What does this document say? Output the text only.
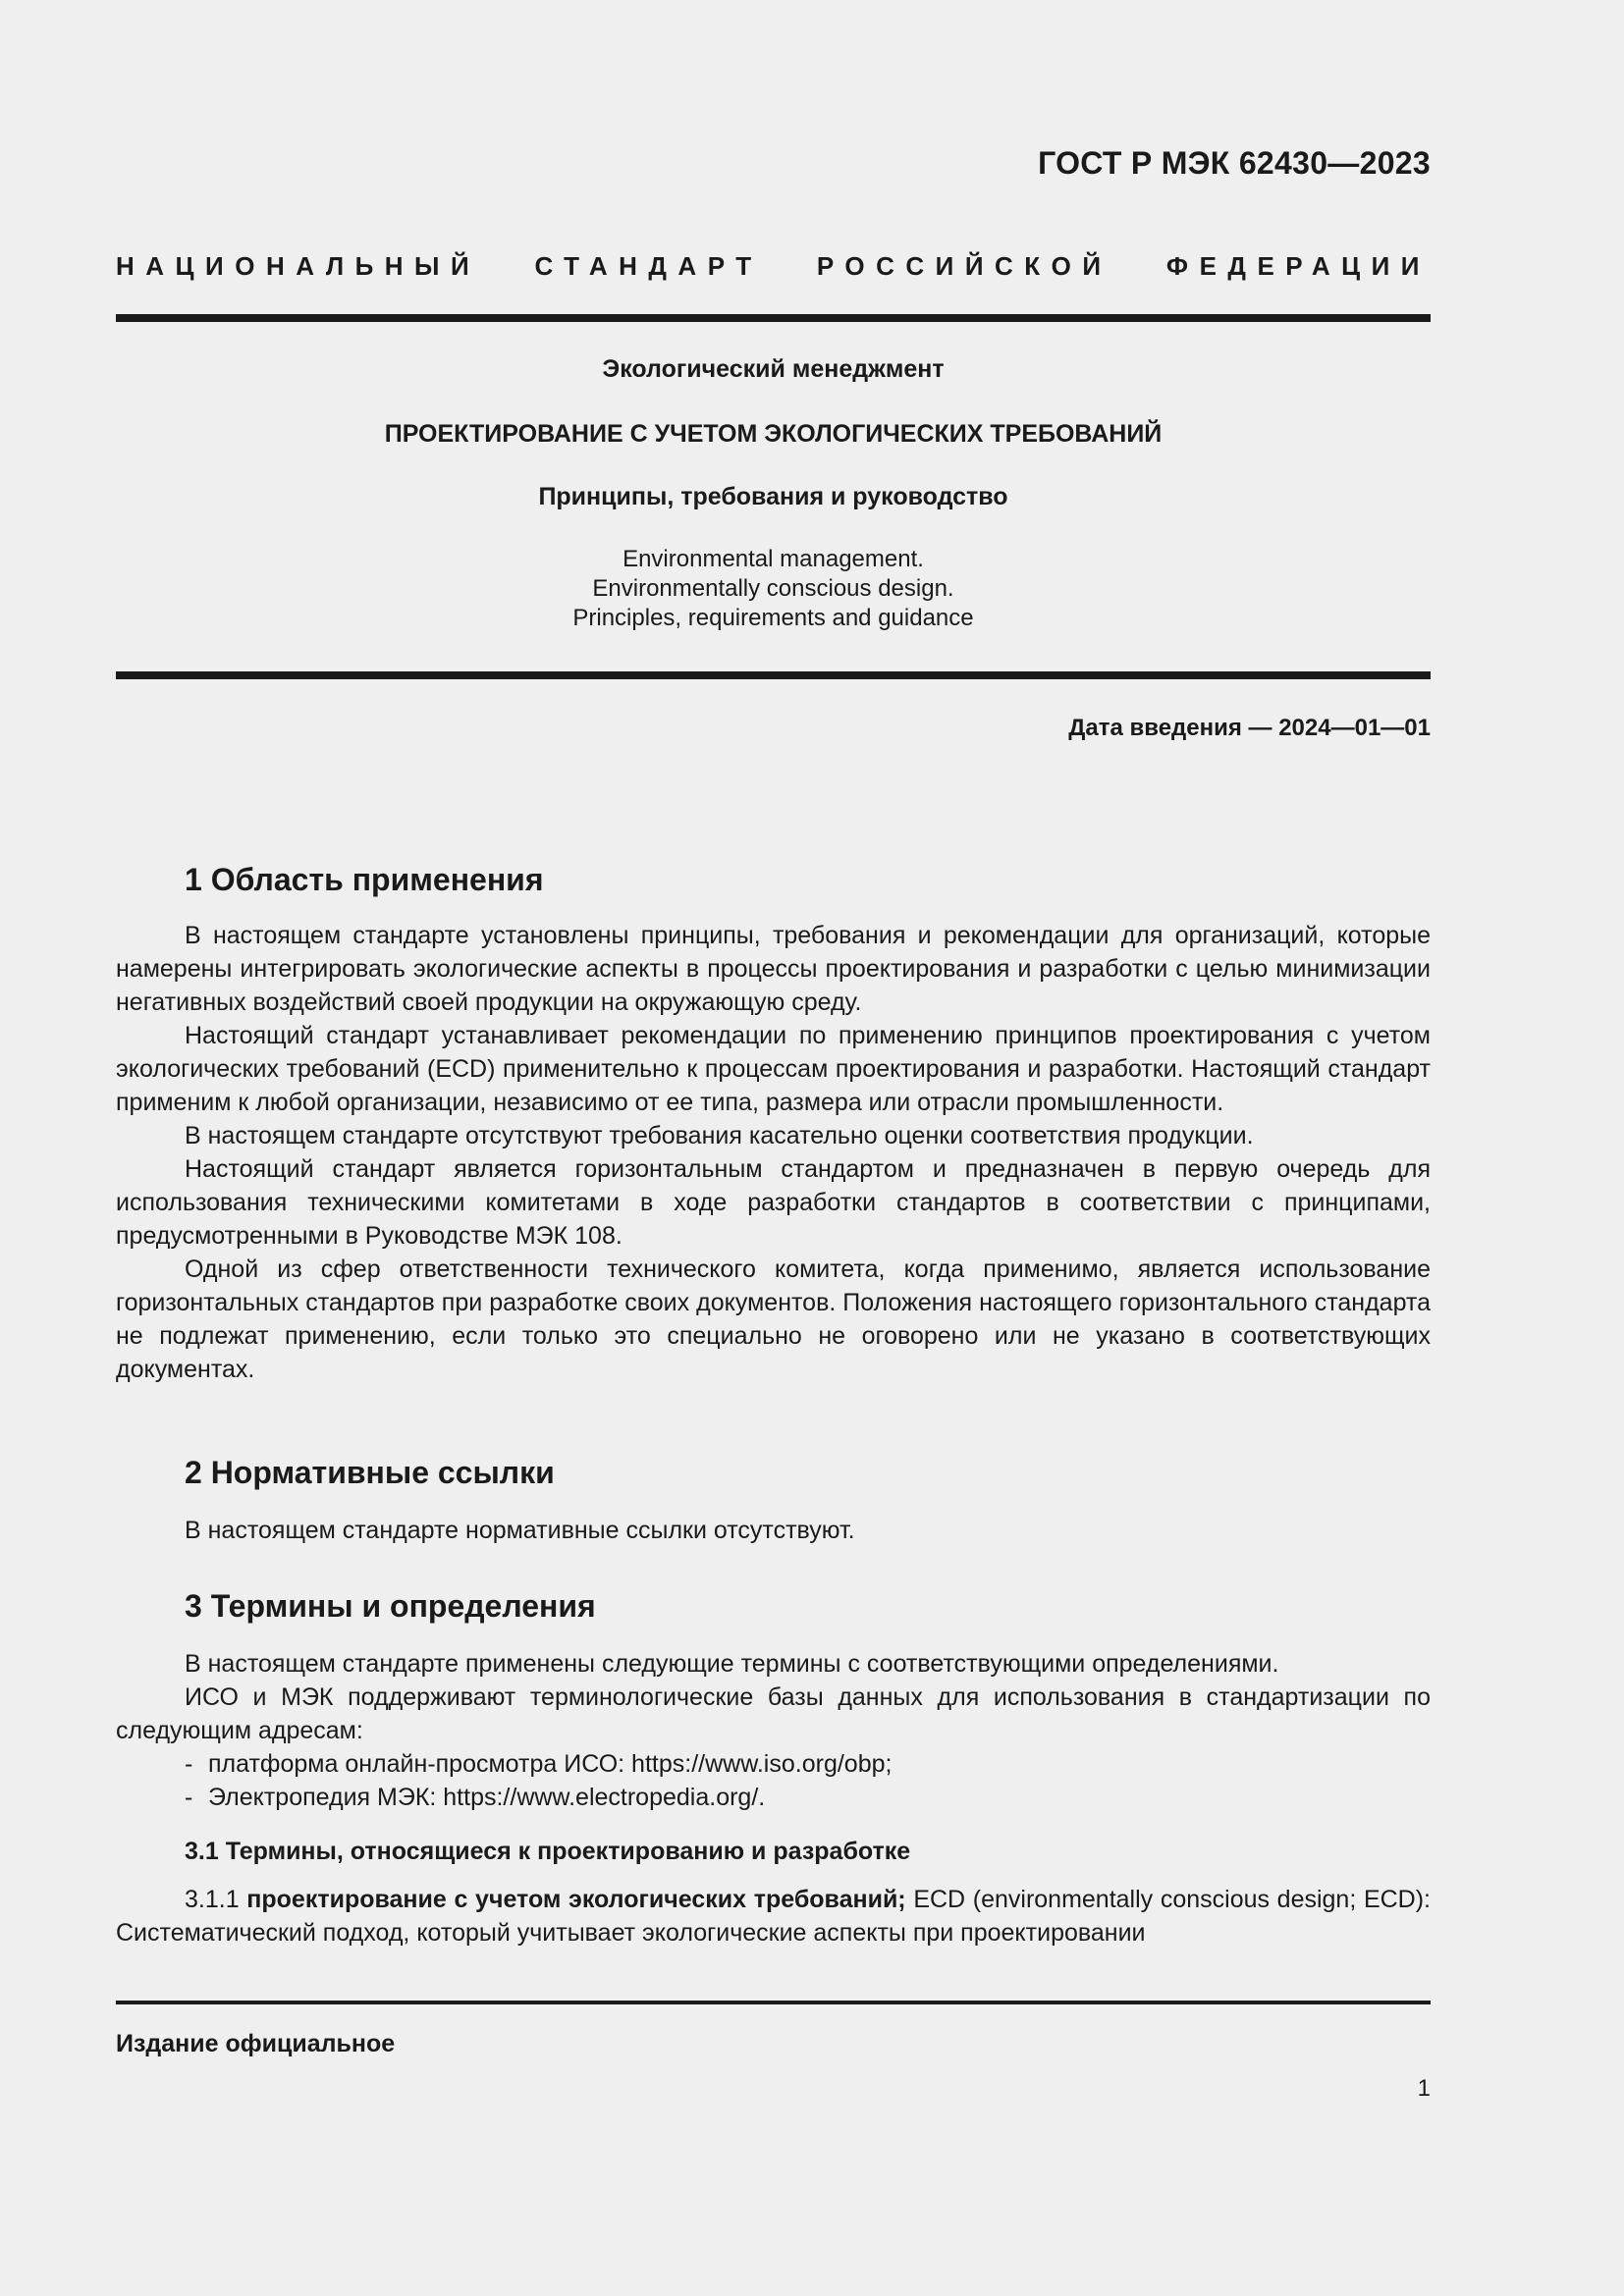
ГОСТ Р МЭК 62430—2023
НАЦИОНАЛЬНЫЙ СТАНДАРТ РОССИЙСКОЙ ФЕДЕРАЦИИ
Экологический менеджмент
ПРОЕКТИРОВАНИЕ С УЧЕТОМ ЭКОЛОГИЧЕСКИХ ТРЕБОВАНИЙ
Принципы, требования и руководство
Environmental management.
Environmentally conscious design.
Principles, requirements and guidance
Дата введения — 2024—01—01
1 Область применения

В настоящем стандарте установлены принципы, требования и рекомендации для организаций, которые намерены интегрировать экологические аспекты в процессы проектирования и разработки с целью минимизации негативных воздействий своей продукции на окружающую среду.

Настоящий стандарт устанавливает рекомендации по применению принципов проектирования с учетом экологических требований (ECD) применительно к процессам проектирования и разработки. Настоящий стандарт применим к любой организации, независимо от ее типа, размера или отрасли промышленности.

В настоящем стандарте отсутствуют требования касательно оценки соответствия продукции.

Настоящий стандарт является горизонтальным стандартом и предназначен в первую очередь для использования техническими комитетами в ходе разработки стандартов в соответствии с принципами, предусмотренными в Руководстве МЭК 108.

Одной из сфер ответственности технического комитета, когда применимо, является использование горизонтальных стандартов при разработке своих документов. Положения настоящего горизонтального стандарта не подлежат применению, если только это специально не оговорено или не указано в соответствующих документах.

2 Нормативные ссылки

В настоящем стандарте нормативные ссылки отсутствуют.

3 Термины и определения

В настоящем стандарте применены следующие термины с соответствующими определениями.

ИСО и МЭК поддерживают терминологические базы данных для использования в стандартизации по следующим адресам:

- платформа онлайн-просмотра ИСО: https://www.iso.org/obp;

- Электропедия МЭК: https://www.electropedia.org/.

3.1 Термины, относящиеся к проектированию и разработке

3.1.1 проектирование с учетом экологических требований; ECD (environmentally conscious design; ECD): Систематический подход, который учитывает экологические аспекты при проектировании

Издание официальное
1
